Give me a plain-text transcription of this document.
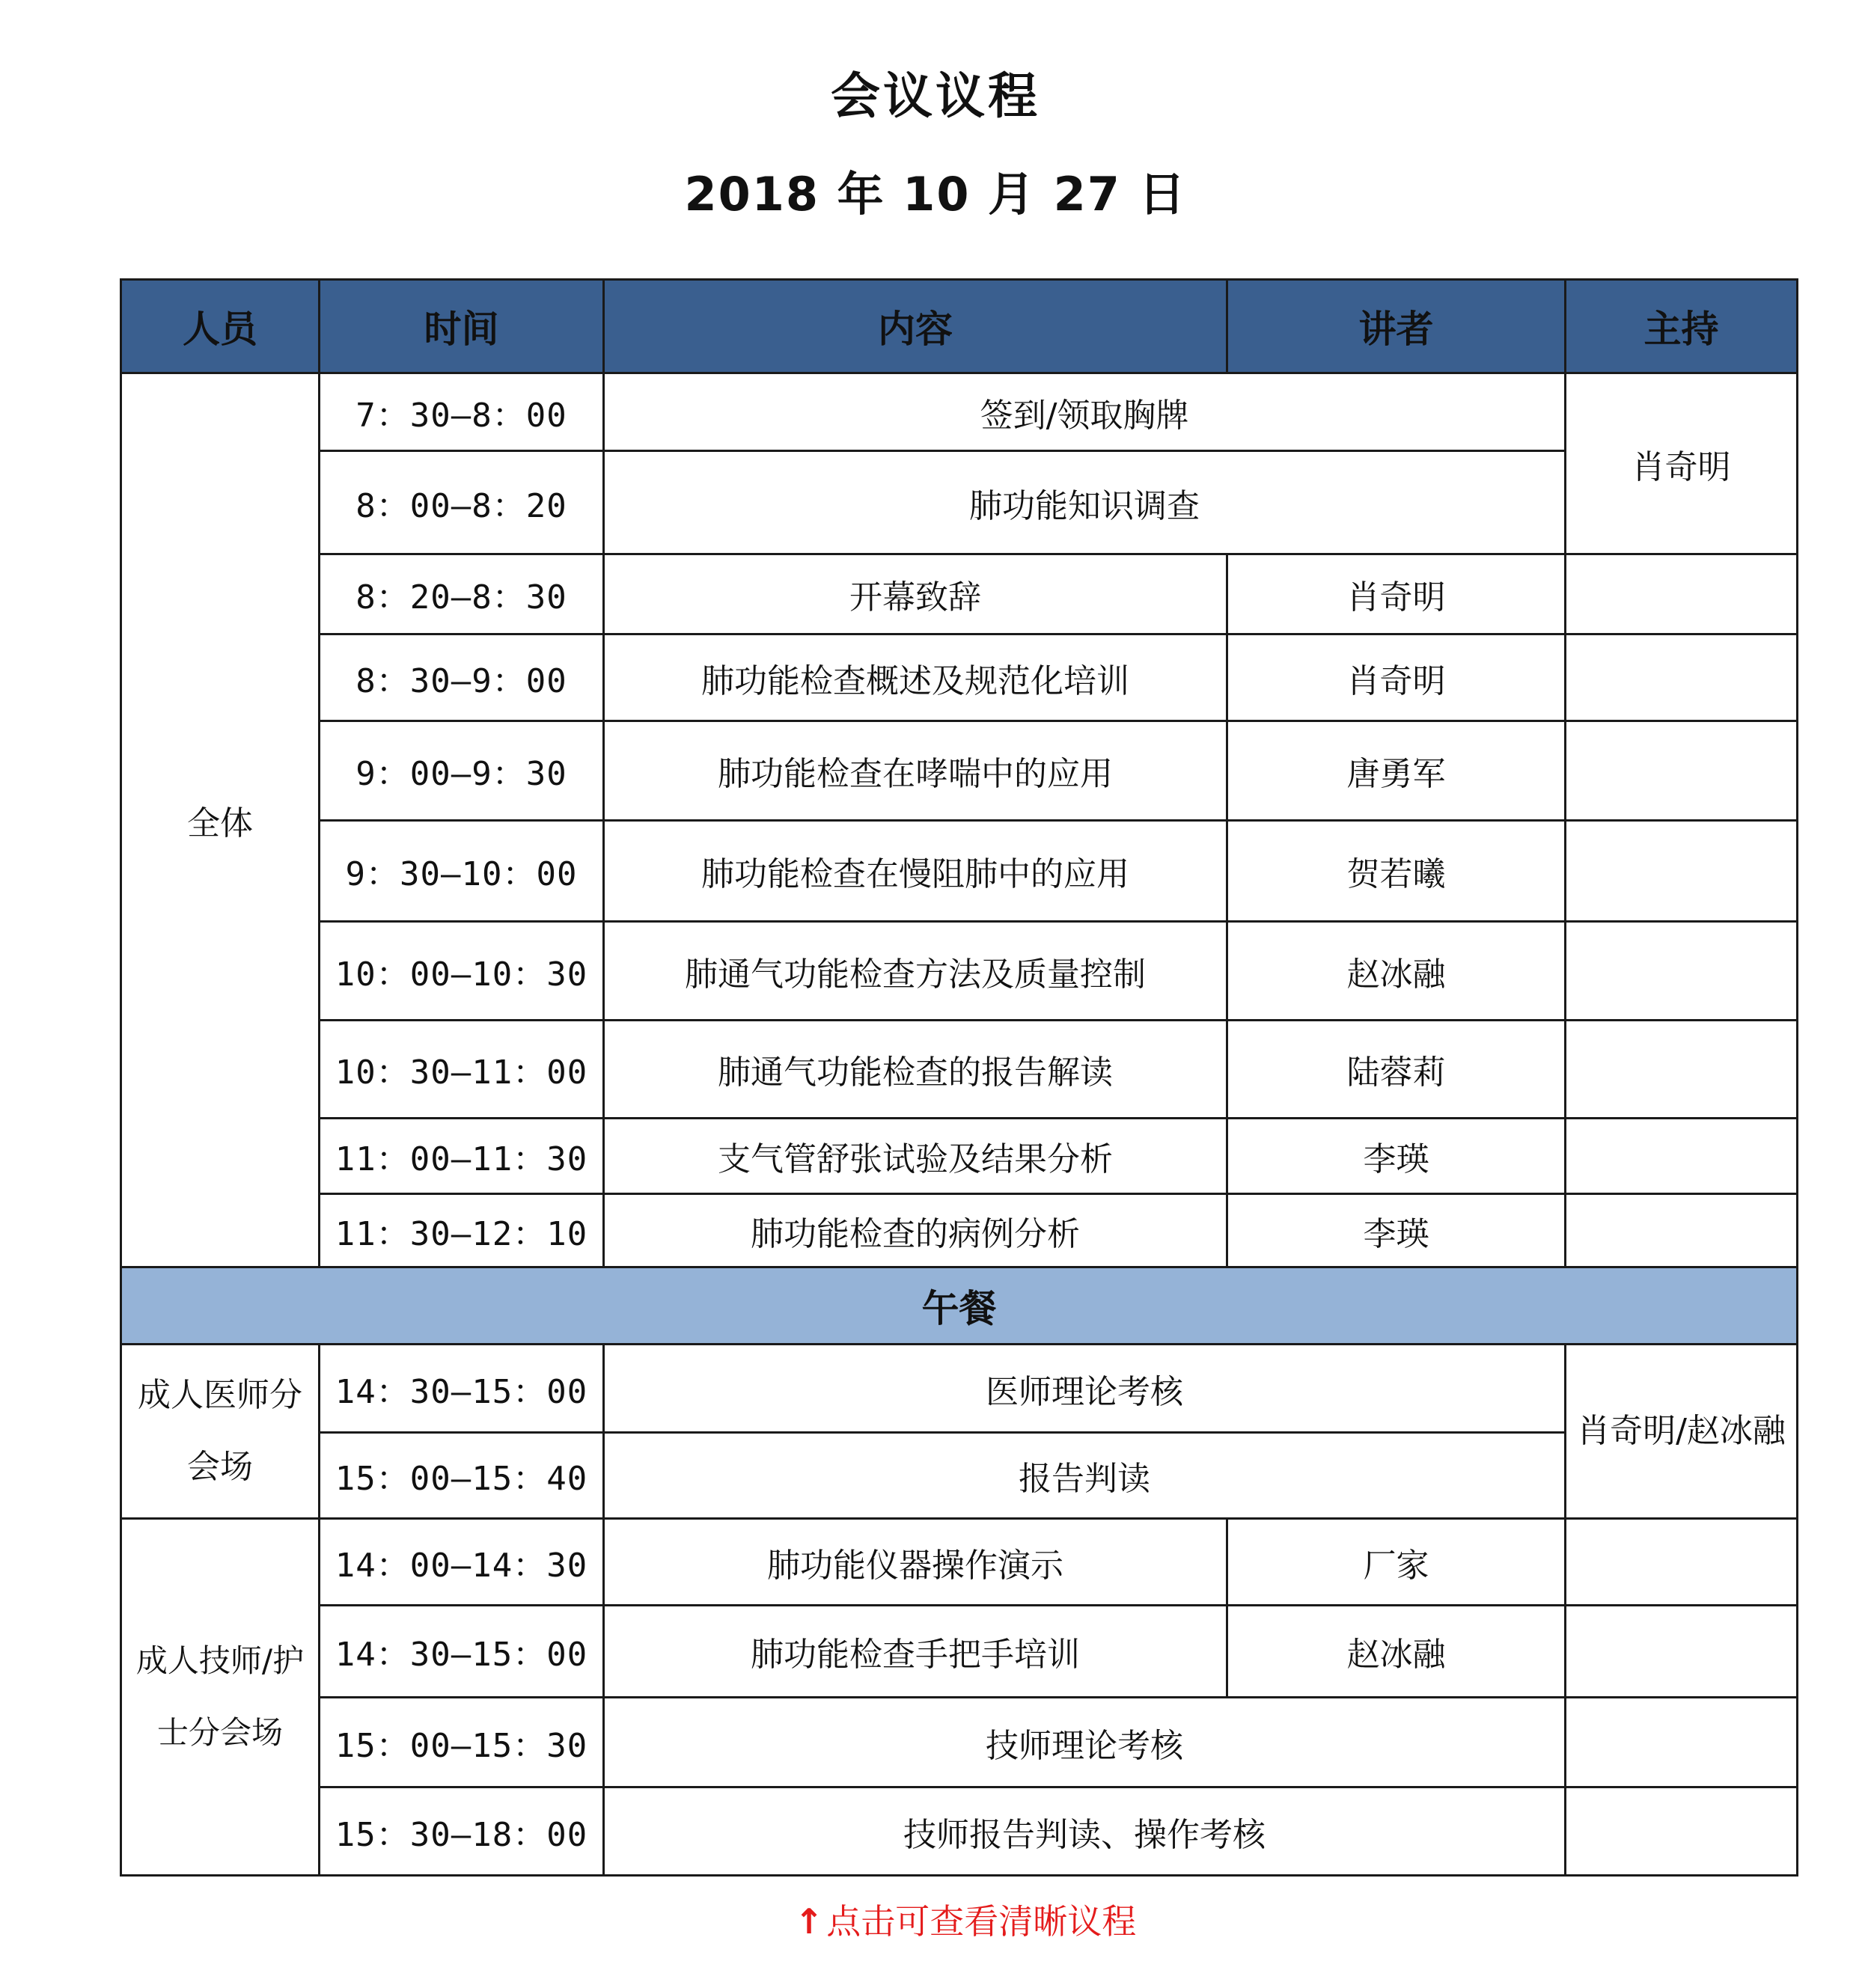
会议议程
2018 年 10 月 27 日
人员	时间	内容	讲者	主持
全体	7：30—8：00	签到/领取胸牌		肖奇明
	8：00—8：20	肺功能知识调查		
	8：20—8：30	开幕致辞	肖奇明	
	8：30—9：00	肺功能检查概述及规范化培训	肖奇明	
	9：00—9：30	肺功能检查在哮喘中的应用	唐勇军	
	9：30—10：00	肺功能检查在慢阻肺中的应用	贺若曦	
	10：00—10：30	肺通气功能检查方法及质量控制	赵冰融	
	10：30—11：00	肺通气功能检查的报告解读	陆蓉莉	
	11：00—11：30	支气管舒张试验及结果分析	李瑛	
	11：30—12：10	肺功能检查的病例分析	李瑛	
午餐				
成人医师分会场	14：30—15：00	医师理论考核		肖奇明/赵冰融
	15：00—15：40	报告判读		
成人技师/护士分会场	14：00—14：30	肺功能仪器操作演示	厂家	
	14：30—15：00	肺功能检查手把手培训	赵冰融	
	15：00—15：30	技师理论考核		
	15：30—18：00	技师报告判读、操作考核		
↑点击可查看清晰议程
